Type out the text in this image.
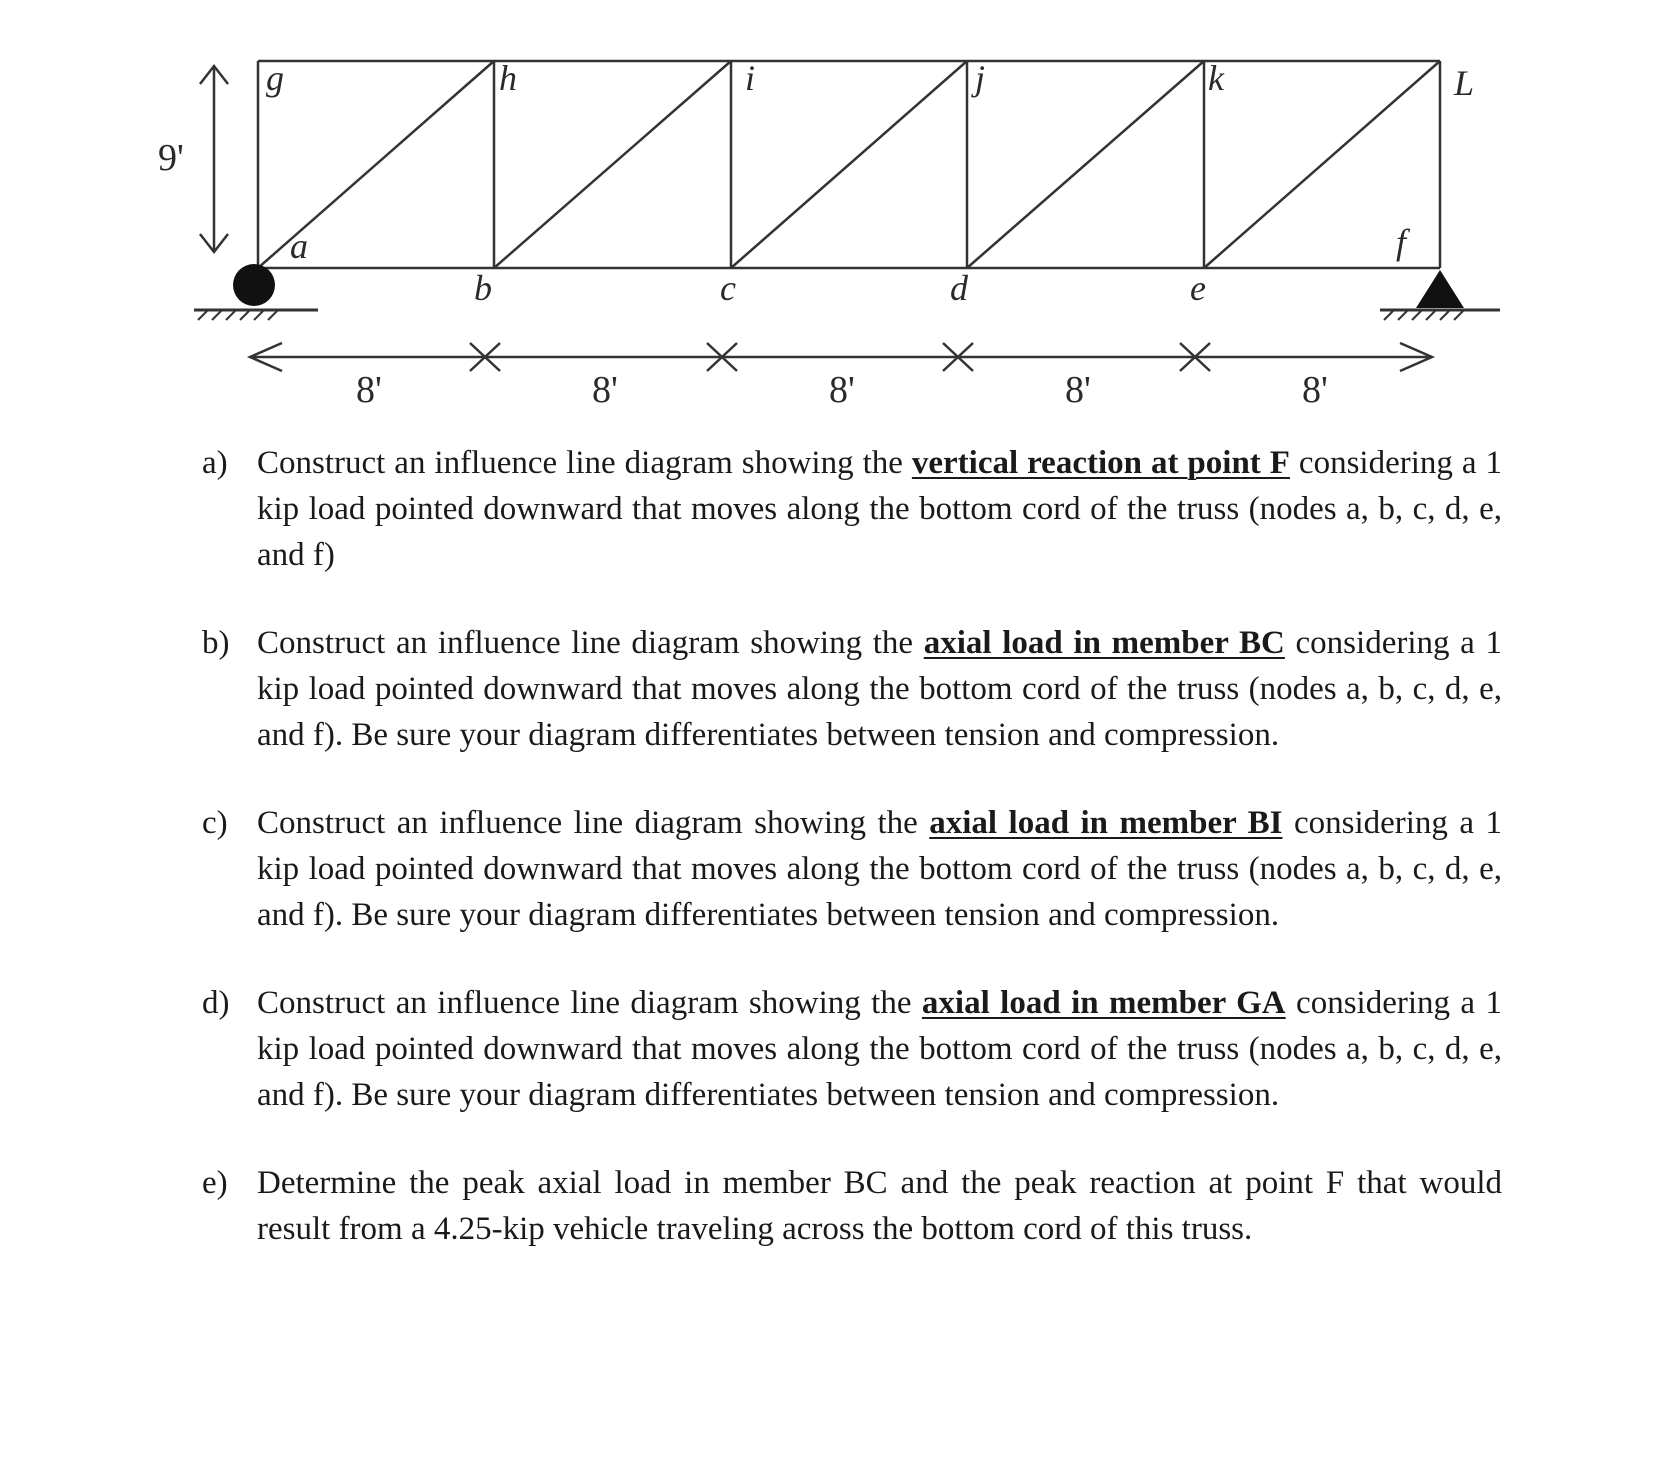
9'
8'	8'	8'	8'	8'
g	h	i	j	k	L
a
b	c	d	e
f
a) Construct an influence line diagram showing the vertical reaction at point F considering a 1 kip load pointed downward that moves along the bottom cord of the truss (nodes a, b, c, d, e, and f)
b) Construct an influence line diagram showing the axial load in member BC considering a 1 kip load pointed downward that moves along the bottom cord of the truss (nodes a, b, c, d, e, and f). Be sure your diagram differentiates between tension and compression.
c) Construct an influence line diagram showing the axial load in member BI considering a 1 kip load pointed downward that moves along the bottom cord of the truss (nodes a, b, c, d, e, and f). Be sure your diagram differentiates between tension and compression.
d) Construct an influence line diagram showing the axial load in member GA considering a 1 kip load pointed downward that moves along the bottom cord of the truss (nodes a, b, c, d, e, and f). Be sure your diagram differentiates between tension and compression.
e) Determine the peak axial load in member BC and the peak reaction at point F that would result from a 4.25-kip vehicle traveling across the bottom cord of this truss.
